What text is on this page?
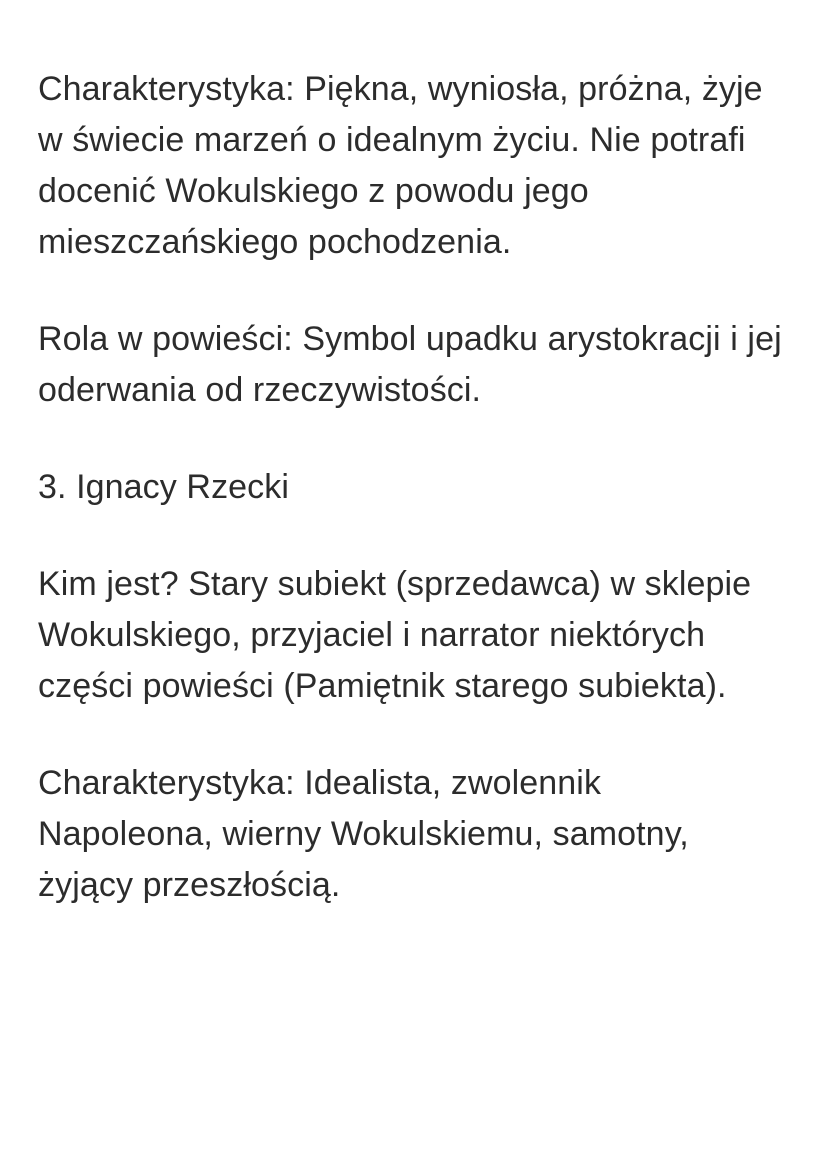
Charakterystyka: Piękna, wyniosła, próżna, żyje w świecie marzeń o idealnym życiu. Nie potrafi docenić Wokulskiego z powodu jego mieszczańskiego pochodzenia.

Rola w powieści: Symbol upadku arystokracji i jej oderwania od rzeczywistości.

3. Ignacy Rzecki

Kim jest? Stary subiekt (sprzedawca) w sklepie Wokulskiego, przyjaciel i narrator niektórych części powieści (Pamiętnik starego subiekta).

Charakterystyka: Idealista, zwolennik Napoleona, wierny Wokulskiemu, samotny, żyjący przeszłością.
